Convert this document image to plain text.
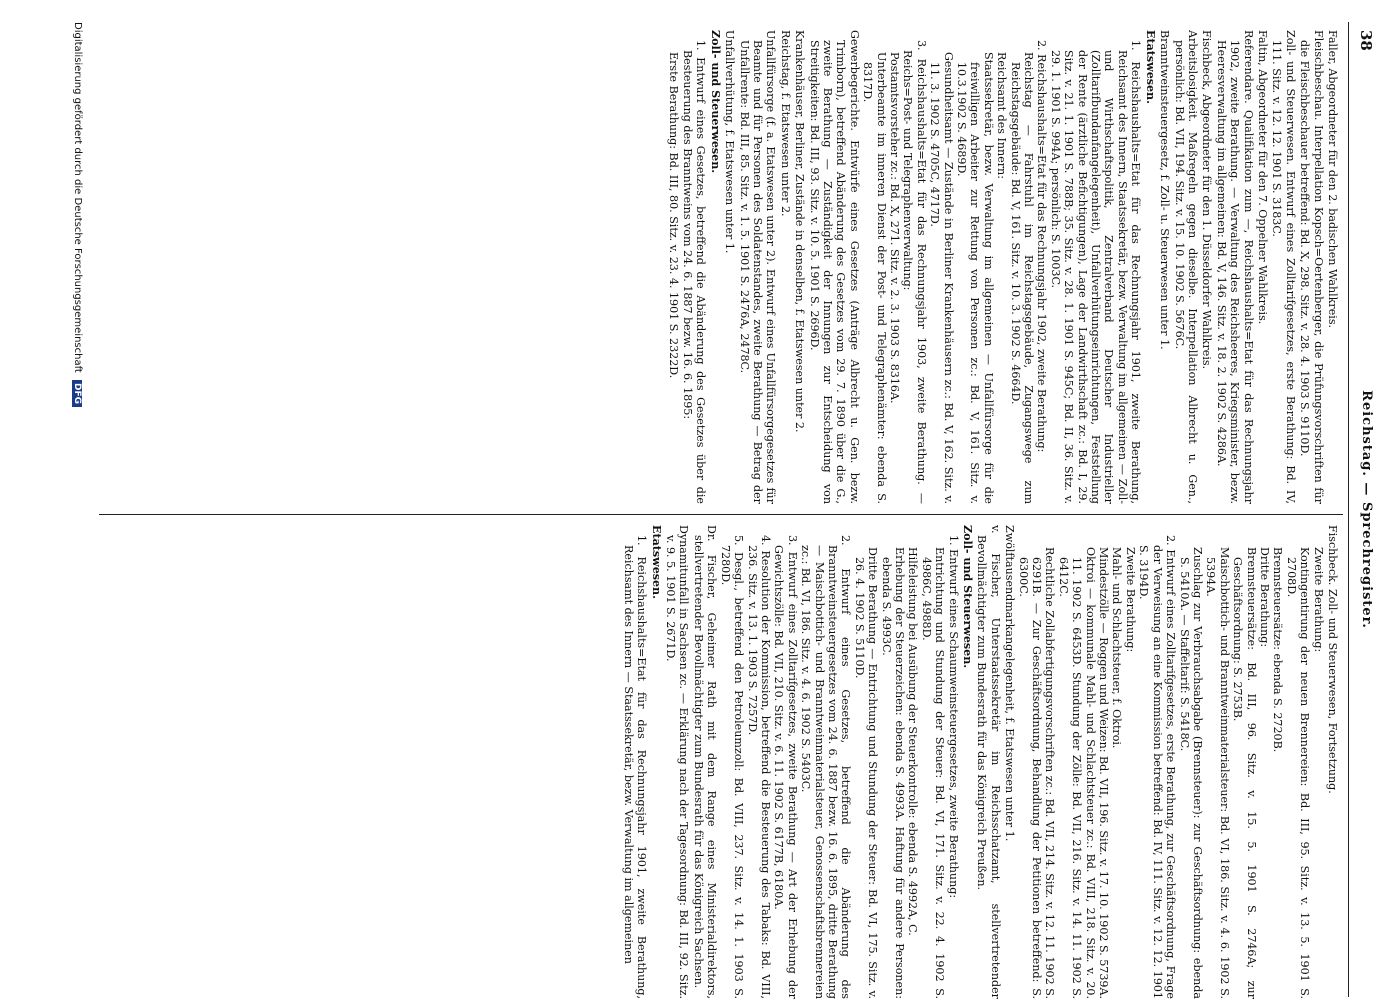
38
Reichstag. — Sprechregister.

Faller, Abgeordneter für den 2. badischen Wahlkreis.

Fleischbeschau. Interpellation Kopsch=Oertenberger, die Prüfungsvorschriften für die Fleischbeschauer betreffend: Bd. X, 298. Sitz. v. 28. 4. 1903 S. 9110D.

Zoll- und Steuerwesen. Entwurf eines Zolltarifgesetzes, erste Berathung: Bd. IV, 111. Sitz. v. 12. 12. 1901 S. 3183C.

Faltin, Abgeordneter für den 7. Oppelner Wahlkreis.

Referendare. Qualifikation zum —, Reichshaushalts=Etat für das Rechnungsjahr 1902, zweite Berathung. — Verwaltung des Reichsheeres, Kriegsminister, bezw. Heeresverwaltung im allgemeinen: Bd. V, 146. Sitz. v. 18. 2. 1902 S. 4286A.

Fischbeck, Abgeordneter für den 1. Düsseldorfer Wahlkreis.

Arbeitslosigkeit. Maßregeln gegen dieselbe. Interpellation Albrecht u. Gen., persönlich: Bd. VII, 194. Sitz. v. 15. 10. 1902 S. 5676C.

Branntweinsteuergesetz, f. Zoll- u. Steuerwesen unter 1.

Etatswesen.

1. Reichshaushalts=Etat für das Rechnungsjahr 1901, zweite Berathung, Reichsamt des Innern, Staatssekretär, bezw. Verwaltung im allgemeinen — Zoll- und Wirthschaftspolitik, Zentralverband Deutscher Industrieller (Zolltarifbundanfangelegenheit), Unfallverhütungseinrichtungen, Feststellung der Rente (ärztliche Befichtigungen), Lage der Landwirthschaft zc.: Bd. I, 29. Sitz. v. 21. 1. 1901 S. 788B; 35. Sitz. v. 28. 1. 1901 S. 945C; Bd. II, 36. Sitz. v. 29. 1. 1901 S. 994A; persönlich: S. 1003C.

2. Reichshaushalts=Etat für das Rechnungsjahr 1902, zweite Berathung:

Reichstag — Fahrstuhl im Reichstagsgebäude, Zugangswege zum Reichstagsgebäude: Bd. V, 161. Sitz. v. 10. 3. 1902 S. 4664D.

Reichsamt des Innern:

Staatssekretär, bezw. Verwaltung im allgemeinen — Unfallfürsorge für die freiwilligen Arbeiter zur Rettung von Personen zc.: Bd. V, 161. Sitz. v. 10.3.1902 S. 4689D.

Gesundheitsamt — Zustände in Berliner Krankenhäusern zc.: Bd. V, 162. Sitz. v. 11. 3. 1902 S. 4705C, 4717D.

3. Reichshaushalts=Etat für das Rechnungsjahr 1903, zweite Berathung. — Reichs=Post- und Telegraphenverwaltung:

Postamtsvorsteher zc.: Bd. X, 271. Sitz. v. 2. 3. 1903 S. 8316A.

Unterbeamte im inneren Dienst der Post- und Telegraphenämter: ebenda S. 8317D.

Gewerbegerichte. Entwürfe eines Gesetzes (Anträge Albrecht u. Gen. bezw. Trimborn), betreffend Abänderung des Gesetzes vom 29. 7. 1890 über die G., zweite Berathung — Zuständigkeit der Innungen zur Entscheidung von Streitigkeiten: Bd. III, 93. Sitz. v. 10. 5. 1901 S. 2696D.

Krankenhäuser, Berliner, Zustände in denselben, f. Etatswesen unter 2.

Reichstag, f. Etatswesen unter 2.

Unfallfürsorge (f. a. Etatswesen unter 2). Entwurf eines Unfallfürsorgegesetzes für Beamte und für Personen des Soldatenstandes, zweite Berathung — Betrag der Unfallrente: Bd. III, 85. Sitz. v. 1. 5. 1901 S. 2476A, 2478C.

Unfallverhütung, f. Etatswesen unter 1.

Zoll- und Steuerwesen.

1. Entwurf eines Gesetzes, betreffend die Abänderung des Gesetzes über die Besteuerung des Branntweins vom 24. 6. 1887 bezw. 16. 6. 1895:

Erste Berathung: Bd. III, 80. Sitz. v. 23. 4. 1901 S. 2322D.

Fischbeck. Zoll- und Steuerwesen, Fortsetzung.

Zweite Berathung:

Kontingentirung der neuen Brennereien: Bd. III, 95. Sitz. v. 13. 5. 1901 S. 2708D.

Brennsteuersätze: ebenda S. 2720B.

Dritte Berathung:

Brennsteuersätze: Bd. III, 96. Sitz. v. 15. 5. 1901 S. 2746A; zur Geschäftsordnung: S. 2753B.

Maischbottich- und Branntweinmaterialsteuer: Bd. VI, 186. Sitz. v. 4. 6. 1902 S. 5394A.

Zuschlag zur Verbrauchsabgabe (Brennsteuer): zur Geschäftsordnung: ebenda S. 5410A. — Staffeltarif: S. 5418C.

2. Entwurf eines Zolltarifgesetzes, erste Berathung, zur Geschäftsordnung, Frage der Verweisung an eine Kommission betreffend: Bd. IV, 111. Sitz. v. 12. 12. 1901 S. 3194D.

Zweite Berathung:

Mahl- und Schlachtsteuer, f. Oktroi.

Mindestzölle — Roggen und Weizen: Bd. VII, 196. Sitz. v. 17. 10. 1902 S. 5739A.

Oktroi — kommunale Mahl- und Schlachtsteuer zc.: Bd. VIII, 218. Sitz. v. 20. 11. 1902 S. 6453D. Stundung der Zölle: Bd. VII, 216. Sitz. v. 14. 11. 1902 S. 6412C.

Rechtliche Zollabfertigungsvorschriften zc.: Bd. VII, 214. Sitz. v. 12. 11. 1902 S. 6291B. — Zur Geschäftsordnung, Behandlung der Petitionen betreffend: S. 6300C.

Zwölftausendmarkangelegenheit, f. Etatswesen unter 1.

v. Fischer, Unterstaatssekretär im Reichsschatzamt, stellvertretender Bevollmächtigter zum Bundesrath für das Königreich Preußen.

Zoll- und Steuerwesen.

1. Entwurf eines Schaumweinsteuergesetzes, zweite Berathung:

Entrichtung und Stundung der Steuer: Bd. VI, 171. Sitz. v. 22. 4. 1902 S. 4986C, 4988D.

Hilfeleistung bei Ausübung der Steuerkontrolle: ebenda S. 4992A, C.

Erhebung der Steuerzeichen: ebenda S. 4993A. Haftung für andere Personen: ebenda S. 4993C.

Dritte Berathung — Entrichtung und Stundung der Steuer: Bd. VI, 175. Sitz. v. 26. 4. 1902 S. 5110D.

2. Entwurf eines Gesetzes, betreffend die Abänderung des Branntweinsteuergesetzes vom 24. 6. 1887 bezw. 16. 6. 1895, dritte Berathung — Maischbottich- und Branntweinmaterialsteuer, Genossenschaftsbrennereien zc.: Bd. VI, 186. Sitz. v. 4. 6. 1902 S. 5403C.

3. Entwurf eines Zolltarifgesetzes, zweite Berathung — Art der Erhebung der Gewichtszölle: Bd. VII, 210. Sitz. v. 6. 11. 1902 S. 6177B, 6180A.

4. Resolution der Kommission, betreffend die Besteuerung des Tabaks: Bd. VIII, 236. Sitz. v. 13. 1. 1903 S. 7257D.

5. Desgl., betreffend den Petroleumzoll: Bd. VIII, 237. Sitz. v. 14. 1. 1903 S. 7280D.

Dr. Fischer, Geheimer Rath mit dem Range eines Ministerialdirektors, stellvertretender Bevollmächtigter zum Bundesrath für das Königreich Sachsen.

Dynamitunfall in Sachsen zc. — Erklärung nach der Tagesordnung: Bd. III, 92. Sitz. v. 9. 5. 1901 S. 2671D.

Etatswesen.

1. Reichshaushalts=Etat für das Rechnungsjahr 1901, zweite Berathung, Reichsamt des Innern — Staatssekretär, bezw. Verwaltung im allgemeinen

Digitalisierung gefördert durch die Deutsche Forschungsgemeinschaft DFG
